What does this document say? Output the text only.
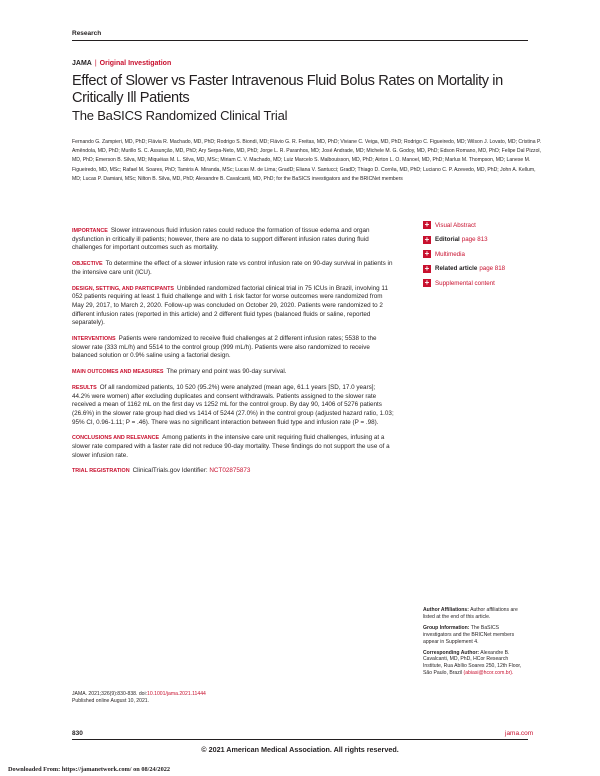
Research
JAMA | Original Investigation
Effect of Slower vs Faster Intravenous Fluid Bolus Rates on Mortality in Critically Ill Patients
The BaSICS Randomized Clinical Trial
Fernando G. Zampieri, MD, PhD; Flávia R. Machado, MD, PhD; Rodrigo S. Biondi, MD; Flávio G. R. Freitas, MD, PhD; Viviane C. Veiga, MD, PhD; Rodrigo C. Figueiredo, MD; Wilson J. Lovato, MD; Cristina P. Amêndola, MD, PhD; Murillo S. C. Assunção, MD, PhD; Ary Serpa-Neto, MD, PhD; Jorge L. R. Paranhos, MD; José Andrade, MD; Michele M. G. Godoy, MD, PhD; Edson Romano, MD, PhD; Felipe Dal Pizzol, MD, PhD; Emerson B. Silva, MD; Miquéias M. L. Silva, MD, MSc; Miriam C. V. Machado, MD; Luiz Marcelo S. Malbouisson, MD, PhD; Airton L. O. Manoel, MD, PhD; Marlus M. Thompson, MD; Lanese M. Figueiredo, MD, MSc; Rafael M. Soares, PhD; Tamiris A. Miranda, MSc; Lucas M. de Lima; GradD; Eliana V. Santucci; GradD; Thiago D. Corrêa, MD, PhD; Luciano C. P. Azevedo, MD, PhD; John A. Kellum, MD; Lucas P. Damiani, MSc; Nilton B. Silva, MD, PhD; Alexandre B. Cavalcanti, MD, PhD; for the BaSICS investigators and the BRICNet members

IMPORTANCE Slower intravenous fluid infusion rates could reduce the formation of tissue edema and organ dysfunction in critically ill patients; however, there are no data to support different infusion rates during fluid challenges for important outcomes such as mortality.

OBJECTIVE To determine the effect of a slower infusion rate vs control infusion rate on 90-day survival in patients in the intensive care unit (ICU).

DESIGN, SETTING, AND PARTICIPANTS Unblinded randomized factorial clinical trial in 75 ICUs in Brazil, involving 11 052 patients requiring at least 1 fluid challenge and with 1 risk factor for worse outcomes were randomized from May 29, 2017, to March 2, 2020. Follow-up was concluded on October 29, 2020. Patients were randomized to 2 different infusion rates (reported in this article) and 2 different fluid types (balanced fluids or saline, reported separately).

INTERVENTIONS Patients were randomized to receive fluid challenges at 2 different infusion rates; 5538 to the slower rate (333 mL/h) and 5514 to the control group (999 mL/h). Patients were also randomized to receive balanced solution or 0.9% saline using a factorial design.

MAIN OUTCOMES AND MEASURES The primary end point was 90-day survival.

RESULTS Of all randomized patients, 10 520 (95.2%) were analyzed (mean age, 61.1 years [SD, 17.0 years]; 44.2% were women) after excluding duplicates and consent withdrawals. Patients assigned to the slower rate received a mean of 1162 mL on the first day vs 1252 mL for the control group. By day 90, 1406 of 5276 patients (26.6%) in the slower rate group had died vs 1414 of 5244 (27.0%) in the control group (adjusted hazard ratio, 1.03; 95% CI, 0.96-1.11; P = .46). There was no significant interaction between fluid type and infusion rate (P = .98).

CONCLUSIONS AND RELEVANCE Among patients in the intensive care unit requiring fluid challenges, infusing at a slower rate compared with a faster rate did not reduce 90-day mortality. These findings do not support the use of a slower infusion rate.

TRIAL REGISTRATION ClinicalTrials.gov Identifier: NCT02875873

+ Visual Abstract
+ Editorial page 813
+ Multimedia
+ Related article page 818
+ Supplemental content

Author Affiliations: Author affiliations are listed at the end of this article.

Group Information: The BaSICS investigators and the BRICNet members appear in Supplement 4.

Corresponding Author: Alexandre B. Cavalcanti, MD, PhD, HCor Research Institute, Rua Abílio Soares 250, 12th Floor, São Paulo, Brazil (abiasi@hcor.com.br).

JAMA. 2021;326(9):830-838. doi:10.1001/jama.2021.11444
Published online August 10, 2021.
830	jama.com
© 2021 American Medical Association. All rights reserved.
Downloaded From: https://jamanetwork.com/ on 08/24/2022
